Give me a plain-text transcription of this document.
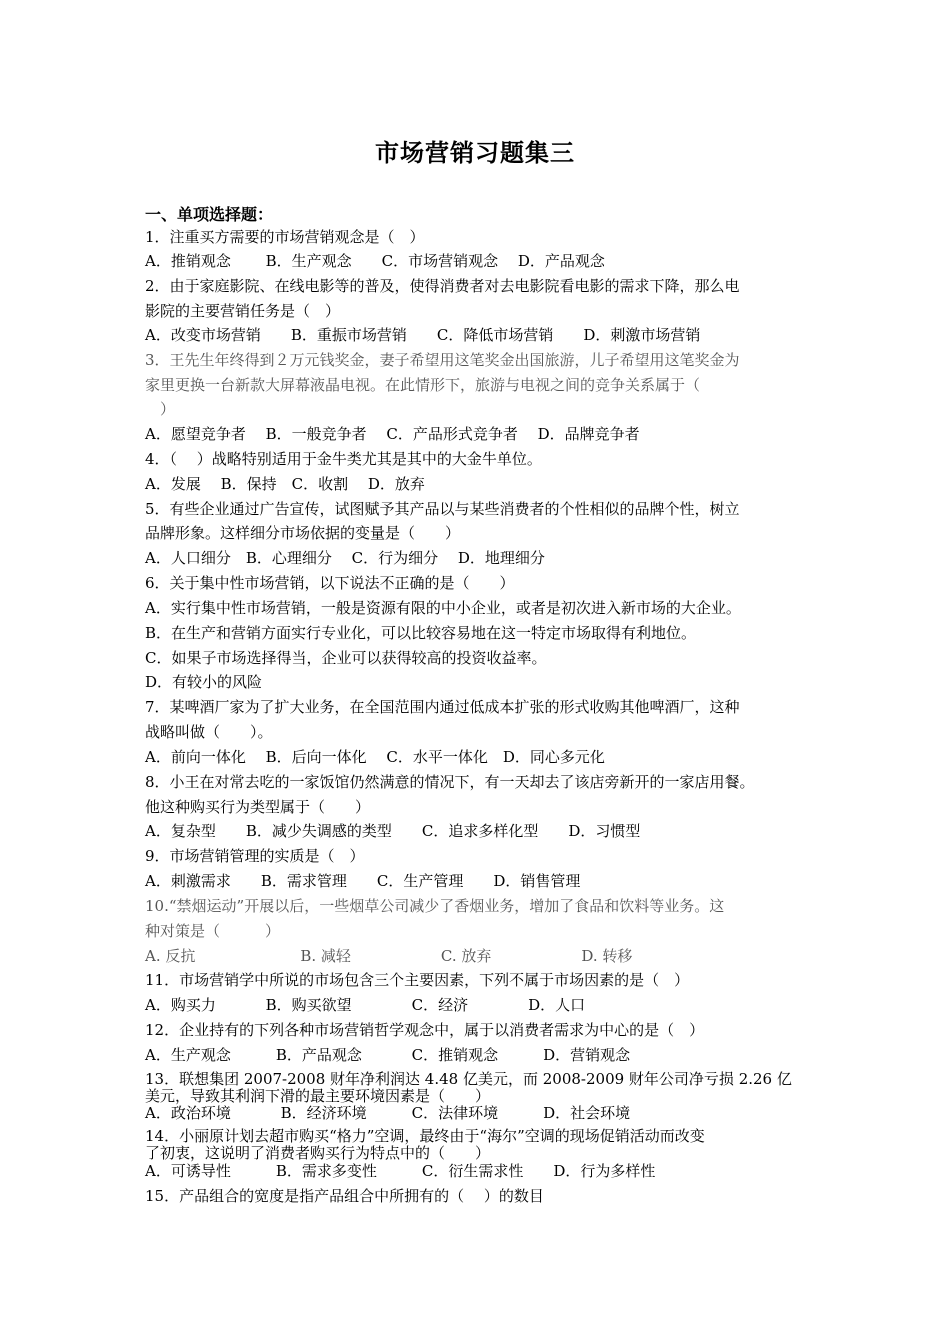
市场营销习题集三
一、单项选择题：
1．注重买方需要的市场营销观念是（　）
A．推销观念　　 B．生产观念　　C．市场营销观念　 D．产品观念
2．由于家庭影院、在线电影等的普及，使得消费者对去电影院看电影的需求下降，那么电
影院的主要营销任务是（　）
A．改变市场营销　　B．重振市场营销　　C．降低市场营销　　D．刺激市场营销
3．王先生年终得到２万元钱奖金，妻子希望用这笔奖金出国旅游，儿子希望用这笔奖金为
家里更换一台新款大屏幕液晶电视。在此情形下，旅游与电视之间的竞争关系属于（
　）
A．愿望竞争者　 B．一般竞争者　 C．产品形式竞争者　 D．品牌竞争者
4．（　 ）战略特别适用于金牛类尤其是其中的大金牛单位。
A．发展　 B．保持　C．收割　 D．放弃
5．有些企业通过广告宣传，试图赋予其产品以与某些消费者的个性相似的品牌个性，树立
品牌形象。这样细分市场依据的变量是（　　）
A．人口细分　B．心理细分　 C．行为细分　 D．地理细分
6．关于集中性市场营销，以下说法不正确的是（　　）
A．实行集中性市场营销，一般是资源有限的中小企业，或者是初次进入新市场的大企业。
B．在生产和营销方面实行专业化，可以比较容易地在这一特定市场取得有利地位。
C．如果子市场选择得当，企业可以获得较高的投资收益率。
D．有较小的风险
7．某啤酒厂家为了扩大业务，在全国范围内通过低成本扩张的形式收购其他啤酒厂，这种
战略叫做（　　）。
A．前向一体化　 B．后向一体化　 C．水平一体化　D．同心多元化
8．小王在对常去吃的一家饭馆仍然满意的情况下，有一天却去了该店旁新开的一家店用餐。
他这种购买行为类型属于（　　）
A．复杂型　　B．减少失调感的类型　　C．追求多样化型　　D．习惯型
9．市场营销管理的实质是（　）
A．刺激需求　　B．需求管理　　C．生产管理　　D．销售管理
10.“禁烟运动”开展以后，一些烟草公司减少了香烟业务，增加了食品和饮料等业务。这
种对策是（　　　）
A. 反抗　　　　　　　B. 减轻　　　　　　C. 放弃　　　　　　D. 转移
11．市场营销学中所说的市场包含三个主要因素，下列不属于市场因素的是（　）
A．购买力　　　 B．购买欲望　　　　C．经济　　　　D．人口
12．企业持有的下列各种市场营销哲学观念中，属于以消费者需求为中心的是（　）
A．生产观念　　　B．产品观念　　　 C．推销观念　　　D．营销观念
13．联想集团 2007-2008 财年净利润达 4.48 亿美元，而 2008-2009 财年公司净亏损 2.26 亿
美元，导致其利润下滑的最主要环境因素是（　　）
A．政治环境　　　 B．经济环境　　　C．法律环境　　　D．社会环境
14．小丽原计划去超市购买“格力”空调，最终由于“海尔”空调的现场促销活动而改变
了初衷，这说明了消费者购买行为特点中的（　　）
A．可诱导性　　　B．需求多变性　　　C．衍生需求性　　D．行为多样性
15．产品组合的宽度是指产品组合中所拥有的（　 ）的数目
